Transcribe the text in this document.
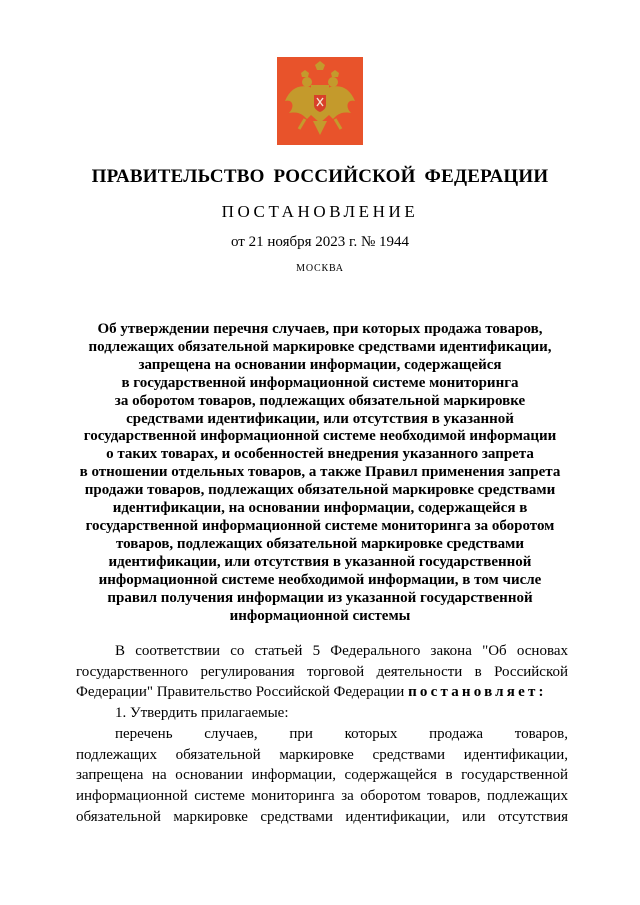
ПРАВИТЕЛЬСТВО РОССИЙСКОЙ ФЕДЕРАЦИИ
ПОСТАНОВЛЕНИЕ
от 21 ноября 2023 г. № 1944
МОСКВА
Об утверждении перечня случаев, при которых продажа товаров,
подлежащих обязательной маркировке средствами идентификации,
запрещена на основании информации, содержащейся
в государственной информационной системе мониторинга
за оборотом товаров, подлежащих обязательной маркировке
средствами идентификации, или отсутствия в указанной
государственной информационной системе необходимой информации
о таких товарах, и особенностей внедрения указанного запрета
в отношении отдельных товаров, а также Правил применения запрета
продажи товаров, подлежащих обязательной маркировке средствами
идентификации, на основании информации, содержащейся в
государственной информационной системе мониторинга за оборотом
товаров, подлежащих обязательной маркировке средствами
идентификации, или отсутствия в указанной государственной
информационной системе необходимой информации, в том числе
правил получения информации из указанной государственной
информационной системы
В соответствии со статьей 5 Федерального закона "Об основах
государственного регулирования торговой деятельности в Российской
Федерации" Правительство Российской Федерации постановляет:
1. Утвердить прилагаемые:
перечень случаев, при которых продажа товаров,
подлежащих обязательной маркировке средствами идентификации,
запрещена на основании информации, содержащейся в государственной
информационной системе мониторинга за оборотом товаров, подлежащих
обязательной маркировке средствами идентификации, или отсутствия
